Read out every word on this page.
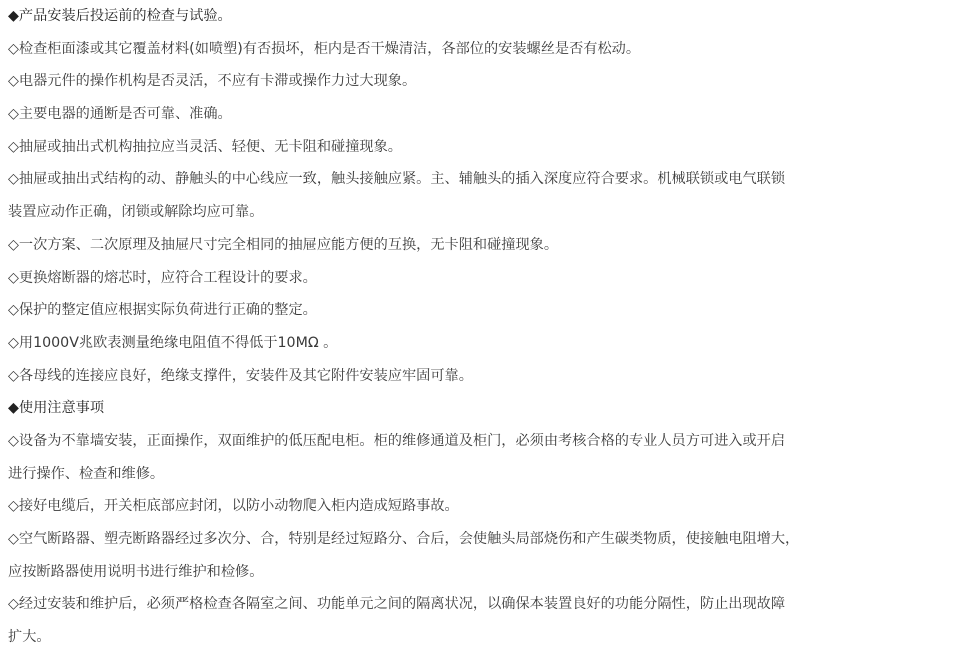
◆产品安装后投运前的检查与试验。
◇检查柜面漆或其它覆盖材料(如喷塑)有否损坏，柜内是否干燥清洁，各部位的安装螺丝是否有松动。
◇电器元件的操作机构是否灵活，不应有卡滞或操作力过大现象。
◇主要电器的通断是否可靠、准确。
◇抽屉或抽出式机构抽拉应当灵活、轻便、无卡阻和碰撞现象。
◇抽屉或抽出式结构的动、静触头的中心线应一致，触头接触应紧。主、辅触头的插入深度应符合要求。机械联锁或电气联锁
装置应动作正确，闭锁或解除均应可靠。
◇一次方案、二次原理及抽屉尺寸完全相同的抽屉应能方便的互换，无卡阻和碰撞现象。
◇更换熔断器的熔芯时，应符合工程设计的要求。
◇保护的整定值应根据实际负荷进行正确的整定。
◇用1000V兆欧表测量绝缘电阻值不得低于10MΩ 。
◇各母线的连接应良好，绝缘支撑件，安装件及其它附件安装应牢固可靠。
◆使用注意事项
◇设备为不靠墙安装，正面操作，双面维护的低压配电柜。柜的维修通道及柜门，必须由考核合格的专业人员方可进入或开启
进行操作、检查和维修。
◇接好电缆后，开关柜底部应封闭，以防小动物爬入柜内造成短路事故。
◇空气断路器、塑壳断路器经过多次分、合，特别是经过短路分、合后，会使触头局部烧伤和产生碳类物质，使接触电阻增大，
应按断路器使用说明书进行维护和检修。
◇经过安装和维护后，必须严格检查各隔室之间、功能单元之间的隔离状况，以确保本装置良好的功能分隔性，防止出现故障
扩大。
